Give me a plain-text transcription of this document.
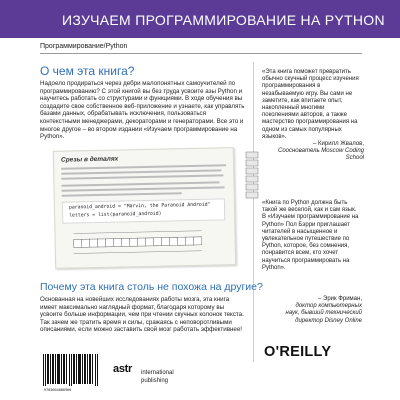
ИЗУЧАЕМ ПРОГРАММИРОВАНИЕ НА PYTHON
Программирование/Python
О чем эта книга?
Надоело продираться через дебри малопонятных самоучителей по программированию? С этой книгой вы без труда усвоите азы Python и научитесь работать со структурами и функциями. В ходе обучения вы создадите свое собственное веб-приложение и узнаете, как управлять базами данных, обрабатывать исключения, пользоваться контекстными менеджерами, декораторами и генераторами. Все это и многое другое – во втором издании «Изучаем программирование на Python».
Срезы в деталях
paranoid_android = "Marvin, the Paranoid Android"
letters = list(paranoid_android)
Почему эта книга столь не похожа на другие?
Основанная на новейших исследованиях работы мозга, эта книга имеет максимально наглядный формат, благодаря которому вы усвоите больше информации, чем при чтении скучных колонок текста. Так зачем же тратить время и силы, сражаясь с неповоротливыми описаниями, если можно заставить свой мозг работать эффективнее!
«Эта книга поможет превратить обычно скучный процесс изучения программирования в незабываемую игру. Вы сами не заметите, как впитаете опыт, накопленный многими поколениями авторов, а также мастерство программирования на одном из самых популярных языков».
– Кирилл Жвалов,
Сооснователь Moscow Coding School
«Книга по Python должна быть такой же веселой, как и сам язык. В «Изучаем программирование на Python» Пол Бэрри приглашает читателей в насыщенное и увлекательное путешествие по Python, которое, без сомнения, понравится всем, кто хочет научиться программировать на Python».
– Эрик Фриман,
доктор компьютерных
наук, бывший технический
директор Disney Online
O'REILLY
9785604086966
astr international
publishing
